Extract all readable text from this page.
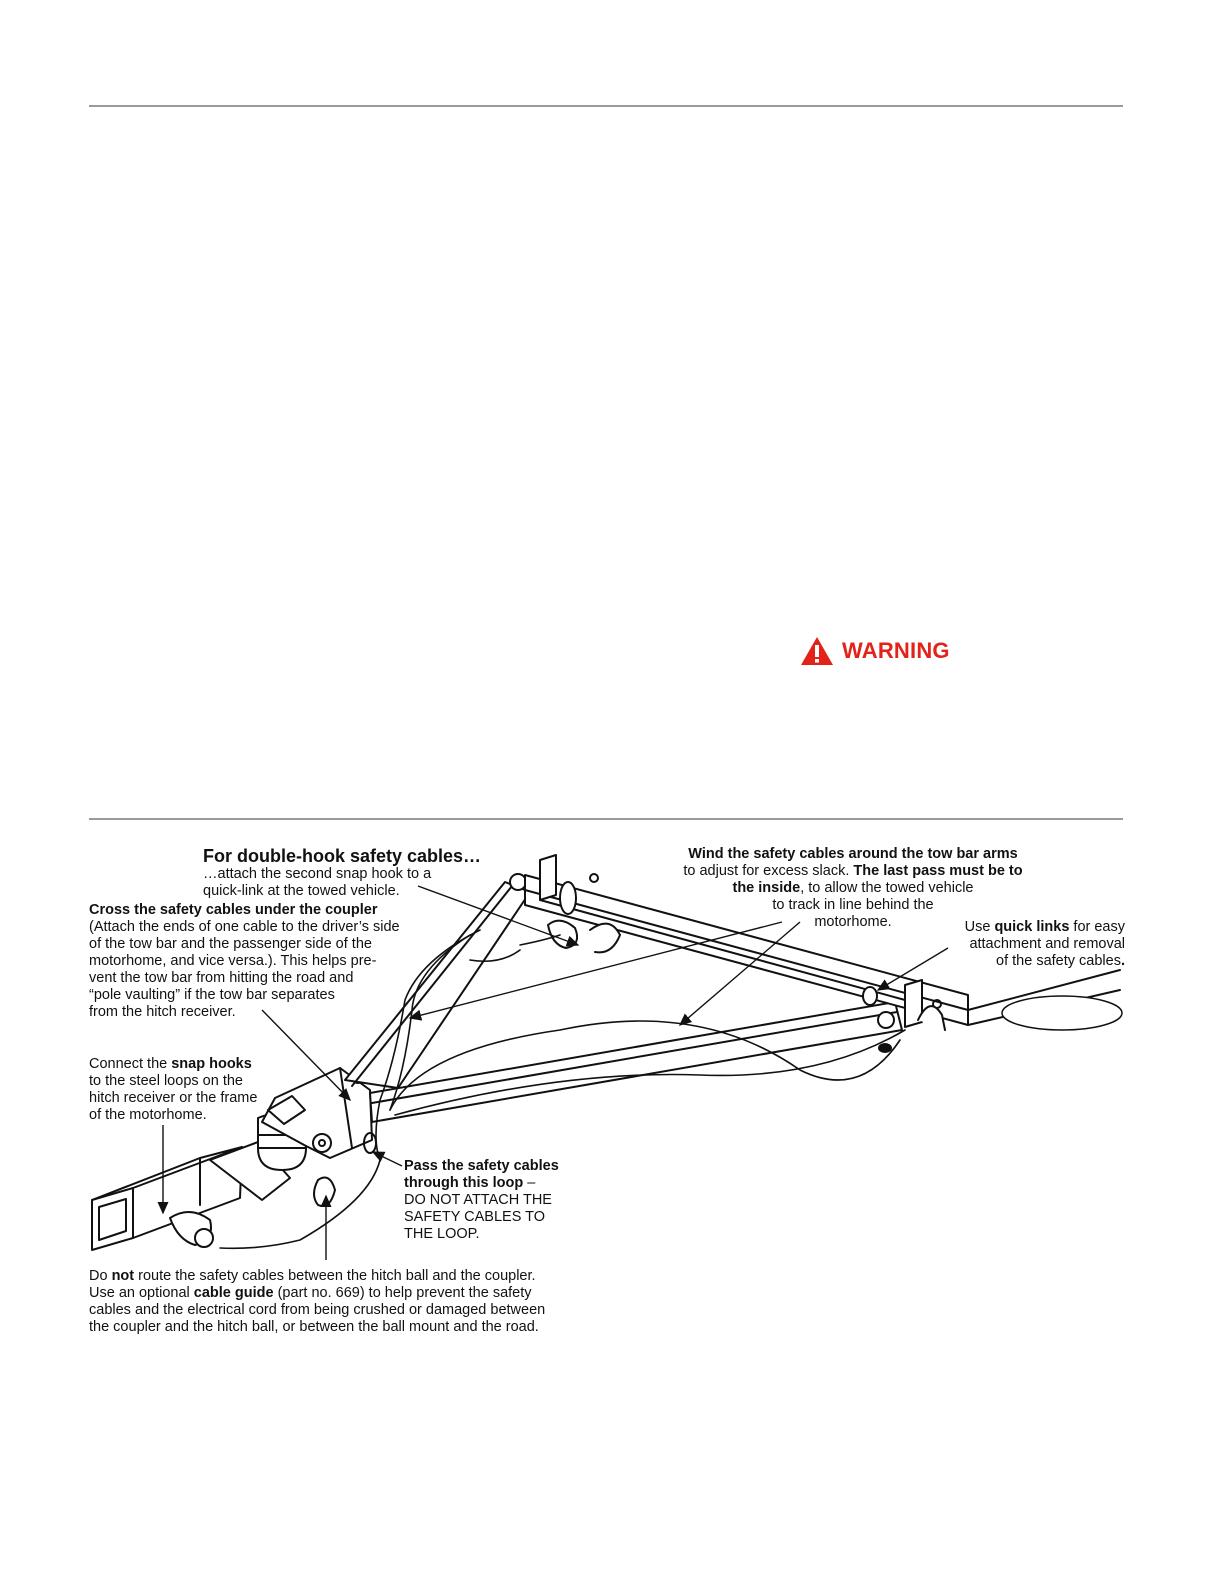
WARNING
For double-hook safety cables…
…attach the second snap hook to a
quick-link at the towed vehicle.
Cross the safety cables under the coupler
(Attach the ends of one cable to the driver’s side
of the tow bar and the passenger side of the
motorhome, and vice versa.). This helps pre-
vent the tow bar from hitting the road and
“pole vaulting” if the tow bar separates
from the hitch receiver.
Connect the snap hooks
to the steel loops on the
hitch receiver or the frame
of the motorhome.
Pass the safety cables
through this loop –
DO NOT ATTACH THE
SAFETY CABLES TO
THE LOOP.
Do not route the safety cables between the hitch ball and the coupler.
Use an optional cable guide (part no. 669) to help prevent the safety
cables and the electrical cord from being crushed or damaged between
the coupler and the hitch ball, or between the ball mount and the road.
Wind the safety cables around the tow bar arms
to adjust for excess slack. The last pass must be to
the inside, to allow the towed vehicle
to track in line behind the
motorhome.	Use quick links for easy
attachment and removal
of the safety cables.
